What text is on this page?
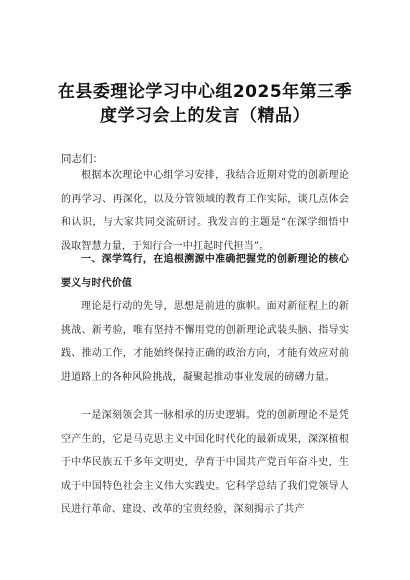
在县委理论学习中心组2025年第三季度学习会上的发言（精品）

同志们：

根据本次理论中心组学习安排，我结合近期对党的创新理论的再学习、再深化，以及分管领域的教育工作实际，谈几点体会和认识，与大家共同交流研讨。我发言的主题是“在深学细悟中汲取智慧力量，于知行合一中扛起时代担当”。

一、深学笃行，在追根溯源中准确把握党的创新理论的核心要义与时代价值

理论是行动的先导，思想是前进的旗帜。面对新征程上的新挑战、新考验，唯有坚持不懈用党的创新理论武装头脑、指导实践、推动工作，才能始终保持正确的政治方向，才能有效应对前进道路上的各种风险挑战，凝聚起推动事业发展的磅礴力量。

一是深刻领会其一脉相承的历史逻辑。党的创新理论不是凭空产生的，它是马克思主义中国化时代化的最新成果，深深植根于中华民族五千多年文明史，孕育于中国共产党百年奋斗史，生成于中国特色社会主义伟大实践史。它科学总结了我们党领导人民进行革命、建设、改革的宝贵经验，深刻揭示了共产
